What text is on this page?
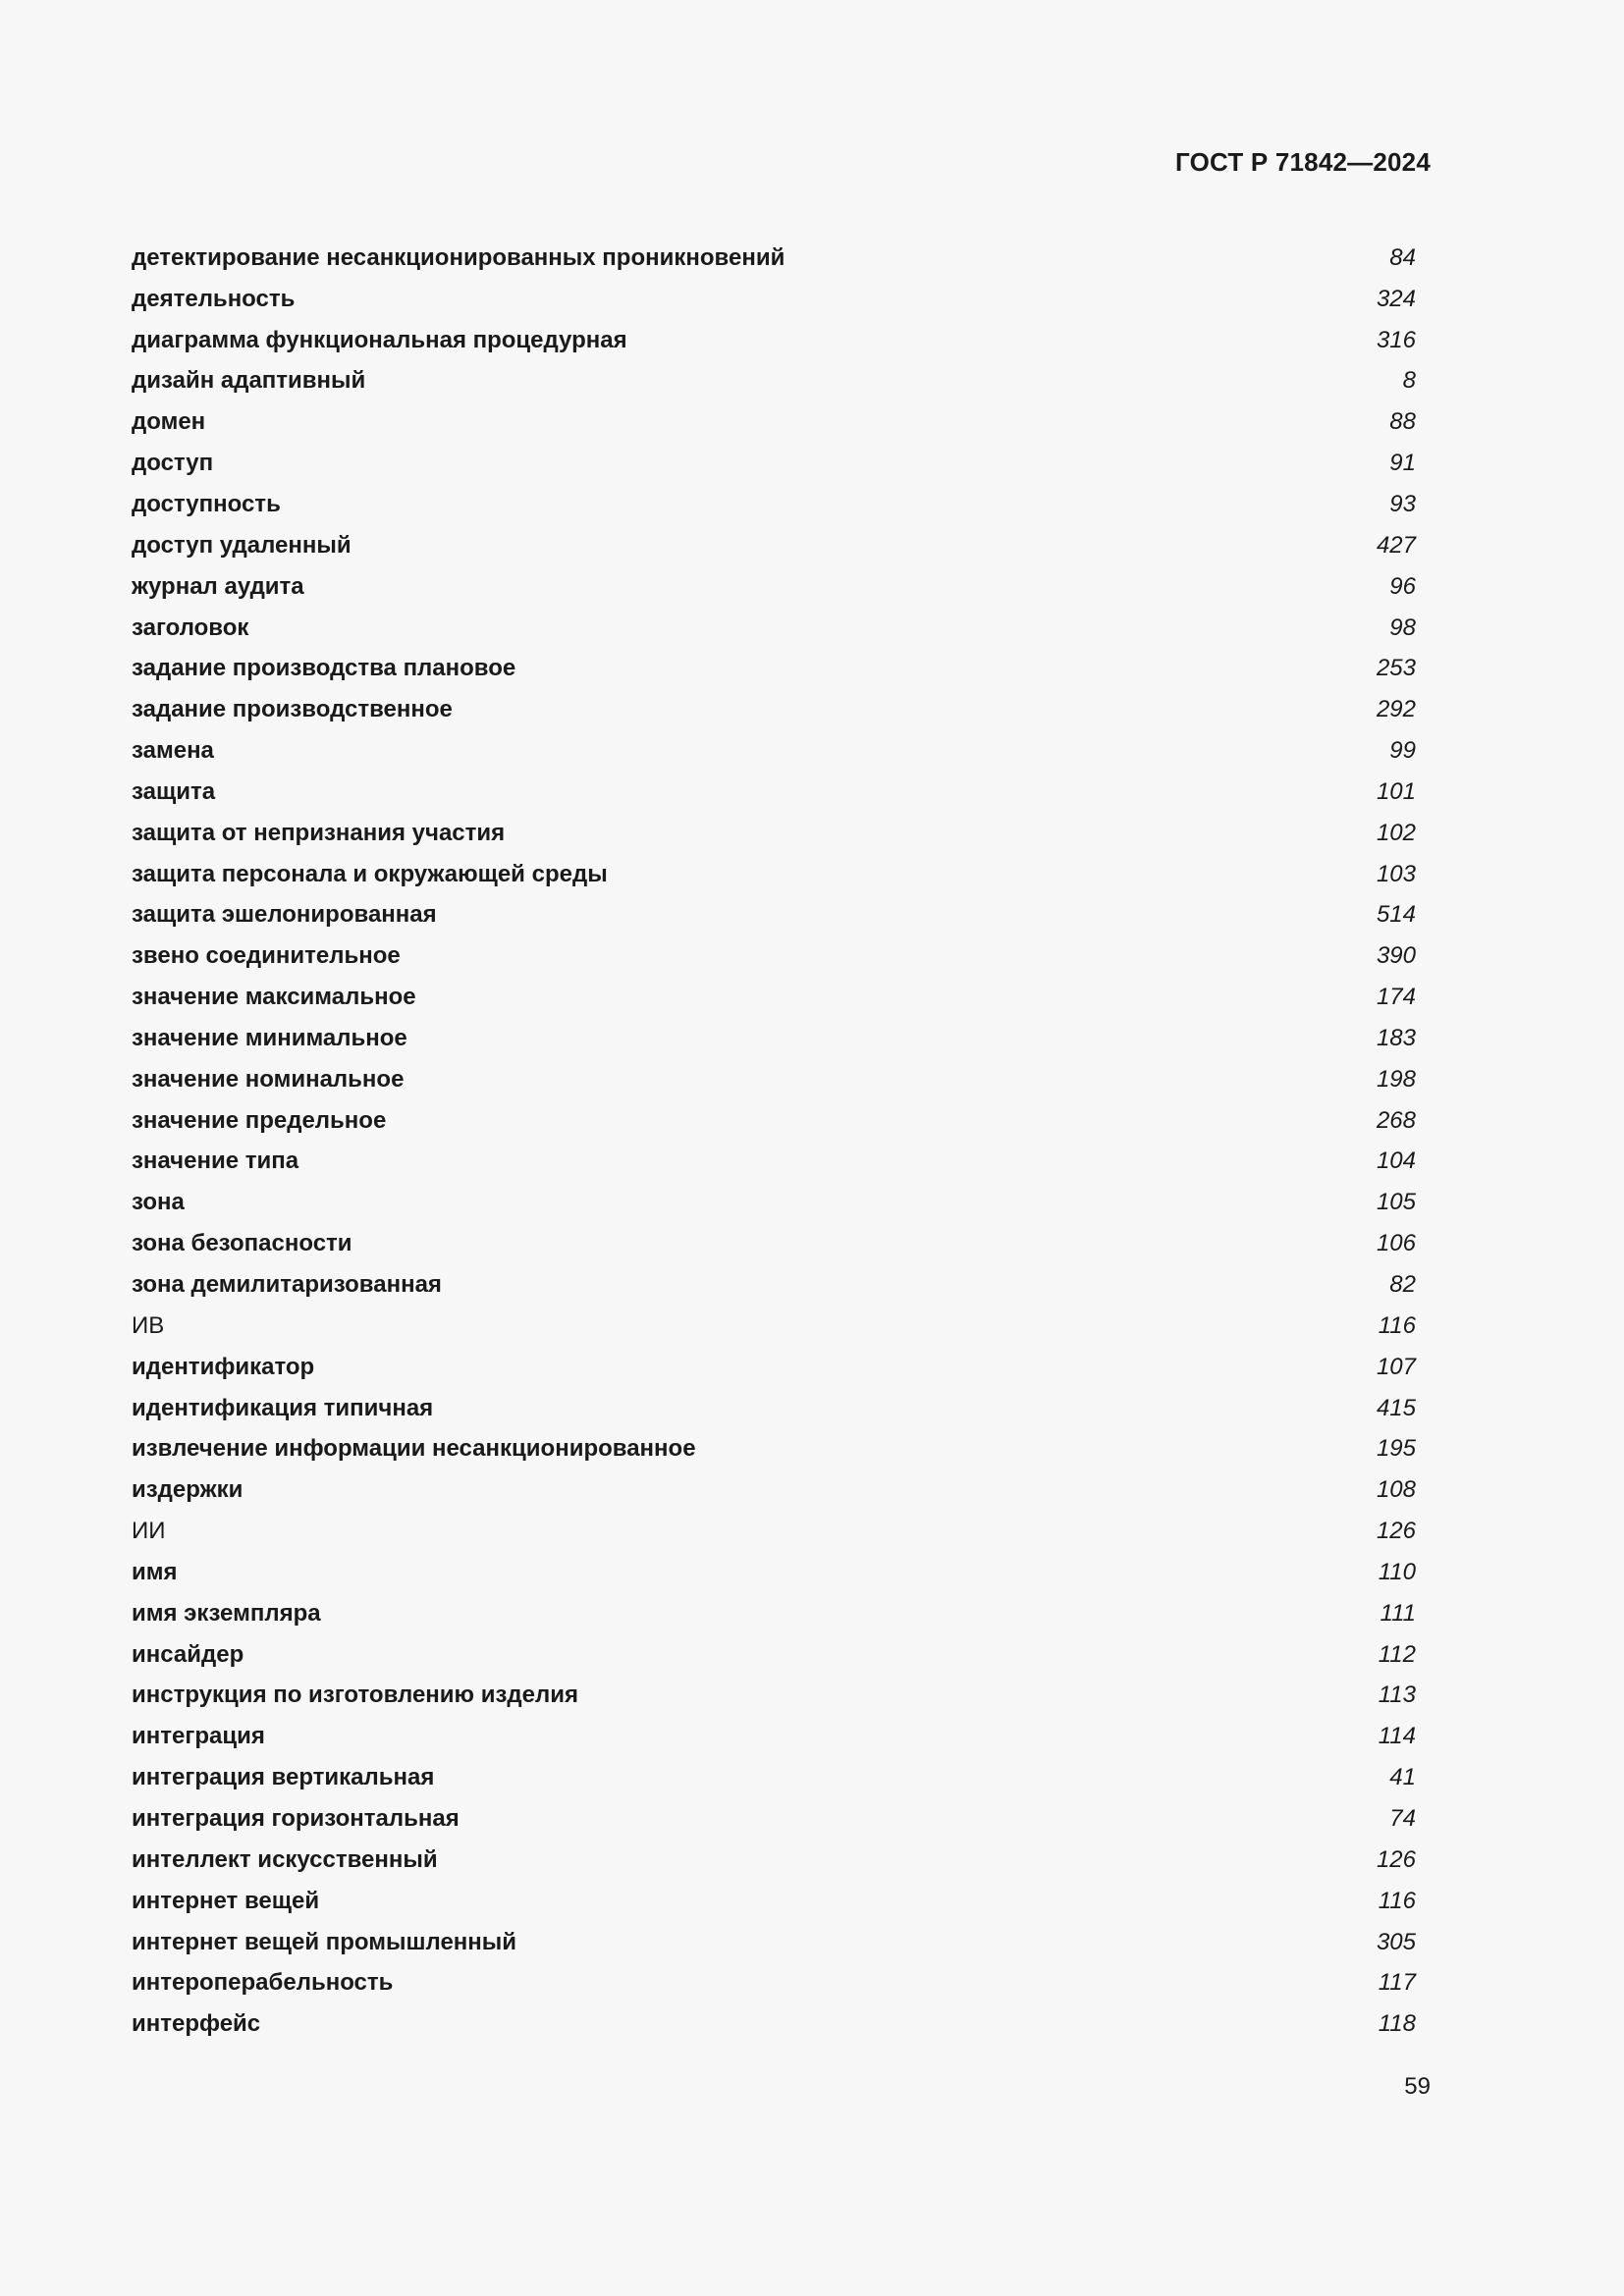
ГОСТ Р 71842—2024
детектирование несанкционированных проникновений	84
деятельность	324
диаграмма функциональная процедурная	316
дизайн адаптивный	8
домен	88
доступ	91
доступность	93
доступ удаленный	427
журнал аудита	96
заголовок	98
задание производства плановое	253
задание производственное	292
замена	99
защита	101
защита от непризнания участия	102
защита персонала и окружающей среды	103
защита эшелонированная	514
звено соединительное	390
значение максимальное	174
значение минимальное	183
значение номинальное	198
значение предельное	268
значение типа	104
зона	105
зона безопасности	106
зона демилитаризованная	82
ИВ	116
идентификатор	107
идентификация типичная	415
извлечение информации несанкционированное	195
издержки	108
ИИ	126
имя	110
имя экземпляра	111
инсайдер	112
инструкция по изготовлению изделия	113
интеграция	114
интеграция вертикальная	41
интеграция горизонтальная	74
интеллект искусственный	126
интернет вещей	116
интернет вещей промышленный	305
интероперабельность	117
интерфейс	118
59
